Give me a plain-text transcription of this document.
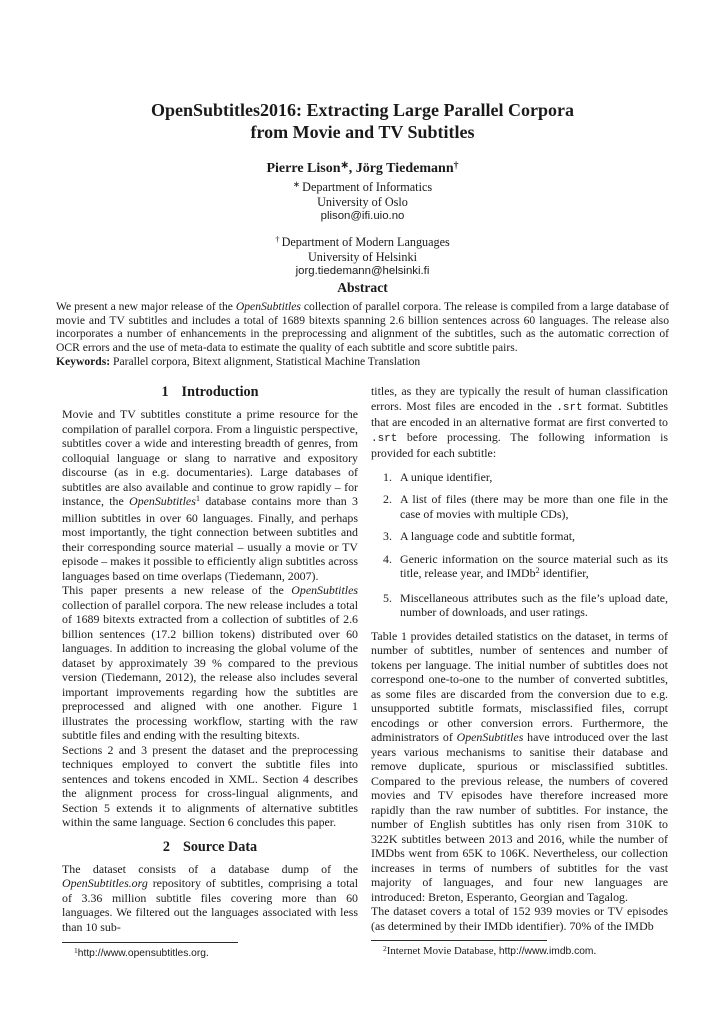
OpenSubtitles2016: Extracting Large Parallel Corpora
from Movie and TV Subtitles
Pierre Lison∗, Jörg Tiedemann†
∗ Department of Informatics
University of Oslo
plison@ifi.uio.no
† Department of Modern Languages
University of Helsinki
jorg.tiedemann@helsinki.fi
Abstract

We present a new major release of the OpenSubtitles collection of parallel corpora. The release is compiled from a large database of movie and TV subtitles and includes a total of 1689 bitexts spanning 2.6 billion sentences across 60 languages. The release also incorporates a number of enhancements in the preprocessing and alignment of the subtitles, such as the automatic correction of OCR errors and the use of meta-data to estimate the quality of each subtitle and score subtitle pairs.

Keywords: Parallel corpora, Bitext alignment, Statistical Machine Translation

1 Introduction

Movie and TV subtitles constitute a prime resource for the compilation of parallel corpora. From a linguistic perspective, subtitles cover a wide and interesting breadth of genres, from colloquial language or slang to narrative and expository discourse (as in e.g. documentaries). Large databases of subtitles are also available and continue to grow rapidly – for instance, the OpenSubtitles$^1$ database contains more than 3 million subtitles in over 60 languages. Finally, and perhaps most importantly, the tight connection between subtitles and their corresponding source material – usually a movie or TV episode – makes it possible to efficiently align subtitles across languages based on time overlaps (Tiedemann, 2007).

This paper presents a new release of the OpenSubtitles collection of parallel corpora. The new release includes a total of 1689 bitexts extracted from a collection of subtitles of 2.6 billion sentences (17.2 billion tokens) distributed over 60 languages. In addition to increasing the global volume of the dataset by approximately 39 % compared to the previous version (Tiedemann, 2012), the release also includes several important improvements regarding how the subtitles are preprocessed and aligned with one another. Figure 1 illustrates the processing workflow, starting with the raw subtitle files and ending with the resulting bitexts.

Sections 2 and 3 present the dataset and the preprocessing techniques employed to convert the subtitle files into sentences and tokens encoded in XML. Section 4 describes the alignment process for cross-lingual alignments, and Section 5 extends it to alignments of alternative subtitles within the same language. Section 6 concludes this paper.

2 Source Data

The dataset consists of a database dump of the OpenSubtitles.org repository of subtitles, comprising a total of 3.36 million subtitle files covering more than 60 languages. We filtered out the languages associated with less than 10 sub-

titles, as they are typically the result of human classification errors. Most files are encoded in the .srt format. Subtitles that are encoded in an alternative format are first converted to .srt before processing. The following information is provided for each subtitle:

1. A unique identifier,
2. A list of files (there may be more than one file in the case of movies with multiple CDs),
3. A language code and subtitle format,
4. Generic information on the source material such as its title, release year, and IMDb$^2$ identifier,
5. Miscellaneous attributes such as the file’s upload date, number of downloads, and user ratings.

Table 1 provides detailed statistics on the dataset, in terms of number of subtitles, number of sentences and number of tokens per language. The initial number of subtitles does not correspond one-to-one to the number of converted subtitles, as some files are discarded from the conversion due to e.g. unsupported subtitle formats, misclassified files, corrupt encodings or other conversion errors. Furthermore, the administrators of OpenSubtitles have introduced over the last years various mechanisms to sanitise their database and remove duplicate, spurious or misclassified subtitles. Compared to the previous release, the numbers of covered movies and TV episodes have therefore increased more rapidly than the raw number of subtitles. For instance, the number of English subtitles has only risen from 310K to 322K subtitles between 2013 and 2016, while the number of IMDbs went from 65K to 106K. Nevertheless, our collection increases in terms of numbers of subtitles for the vast majority of languages, and four new languages are introduced: Breton, Esperanto, Georgian and Tagalog.

The dataset covers a total of 152 939 movies or TV episodes (as determined by their IMDb identifier). 70% of the IMDb

$^1$http://www.opensubtitles.org.	$^2$Internet Movie Database, http://www.imdb.com.
